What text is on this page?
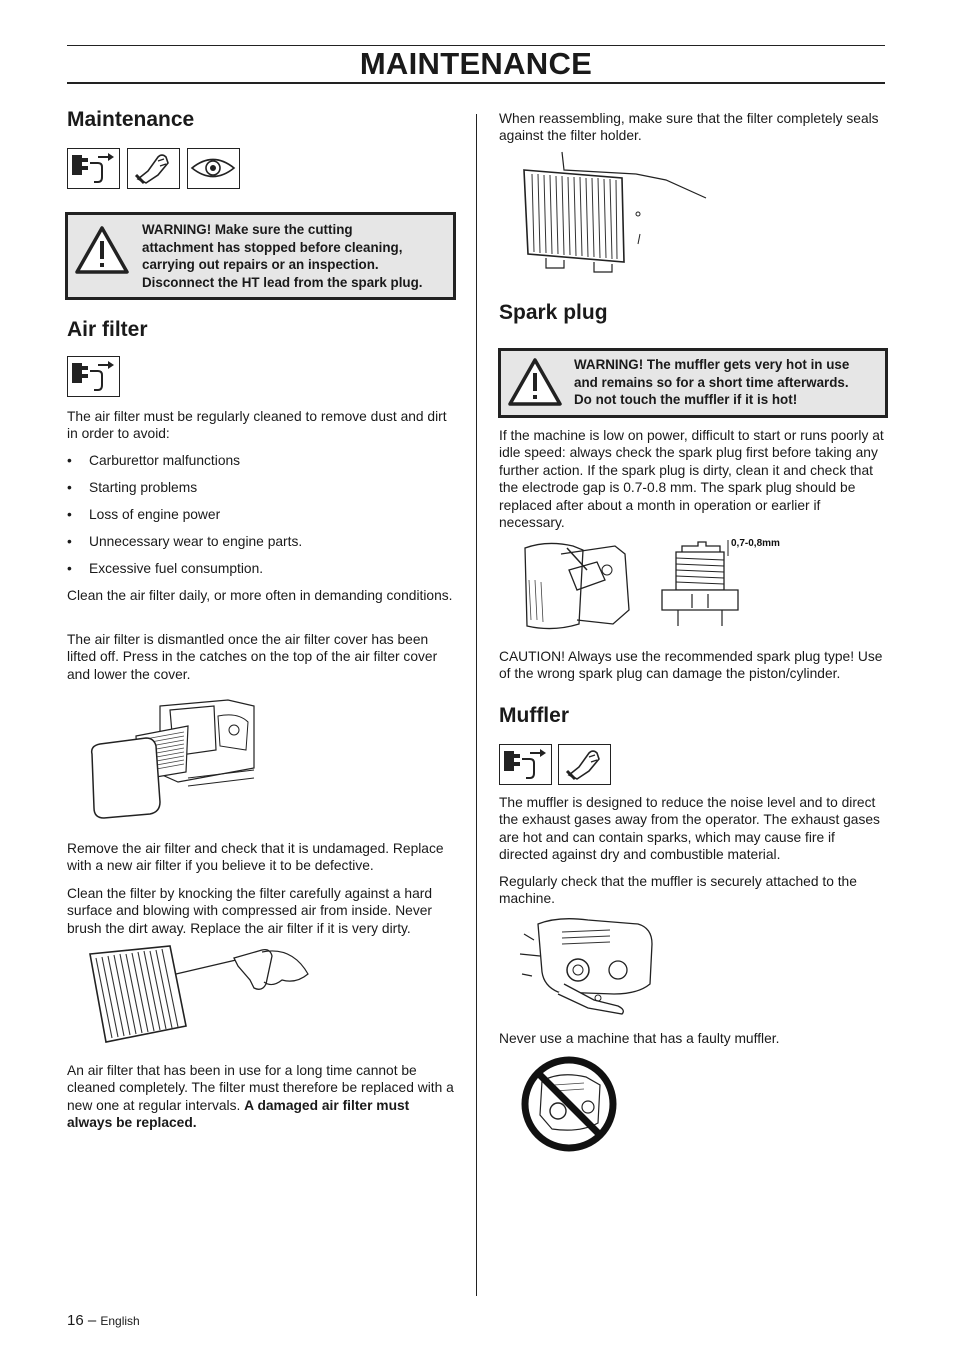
MAINTENANCE
Maintenance
WARNING! Make sure the cutting
attachment has stopped before cleaning,
carrying out repairs or an inspection.
Disconnect the HT lead from the spark plug.
Air filter

The air filter must be regularly cleaned to remove dust and dirt in order to avoid:

• Carburettor malfunctions
• Starting problems
• Loss of engine power
• Unnecessary wear to engine parts.
• Excessive fuel consumption.

Clean the air filter daily, or more often in demanding conditions.

The air filter is dismantled once the air filter cover has been lifted off. Press in the catches on the top of the air filter cover and lower the cover.

Remove the air filter and check that it is undamaged. Replace with a new air filter if you believe it to be defective.

Clean the filter by knocking the filter carefully against a hard surface and blowing with compressed air from inside. Never brush the dirt away. Replace the air filter if it is very dirty.

An air filter that has been in use for a long time cannot be cleaned completely. The filter must therefore be replaced with a new one at regular intervals. A damaged air filter must always be replaced.

When reassembling, make sure that the filter completely seals against the filter holder.

Spark plug
WARNING! The muffler gets very hot in use
and remains so for a short time afterwards.
Do not touch the muffler if it is hot!

If the machine is low on power, difficult to start or runs poorly at idle speed: always check the spark plug first before taking any further action. If the spark plug is dirty, clean it and check that the electrode gap is 0.7-0.8 mm. The spark plug should be replaced after about a month in operation or earlier if necessary.

0,7-0,8mm

CAUTION! Always use the recommended spark plug type! Use of the wrong spark plug can damage the piston/cylinder.

Muffler

The muffler is designed to reduce the noise level and to direct the exhaust gases away from the operator. The exhaust gases are hot and can contain sparks, which may cause fire if directed against dry and combustible material.

Regularly check that the muffler is securely attached to the machine.

Never use a machine that has a faulty muffler.

16 – English
